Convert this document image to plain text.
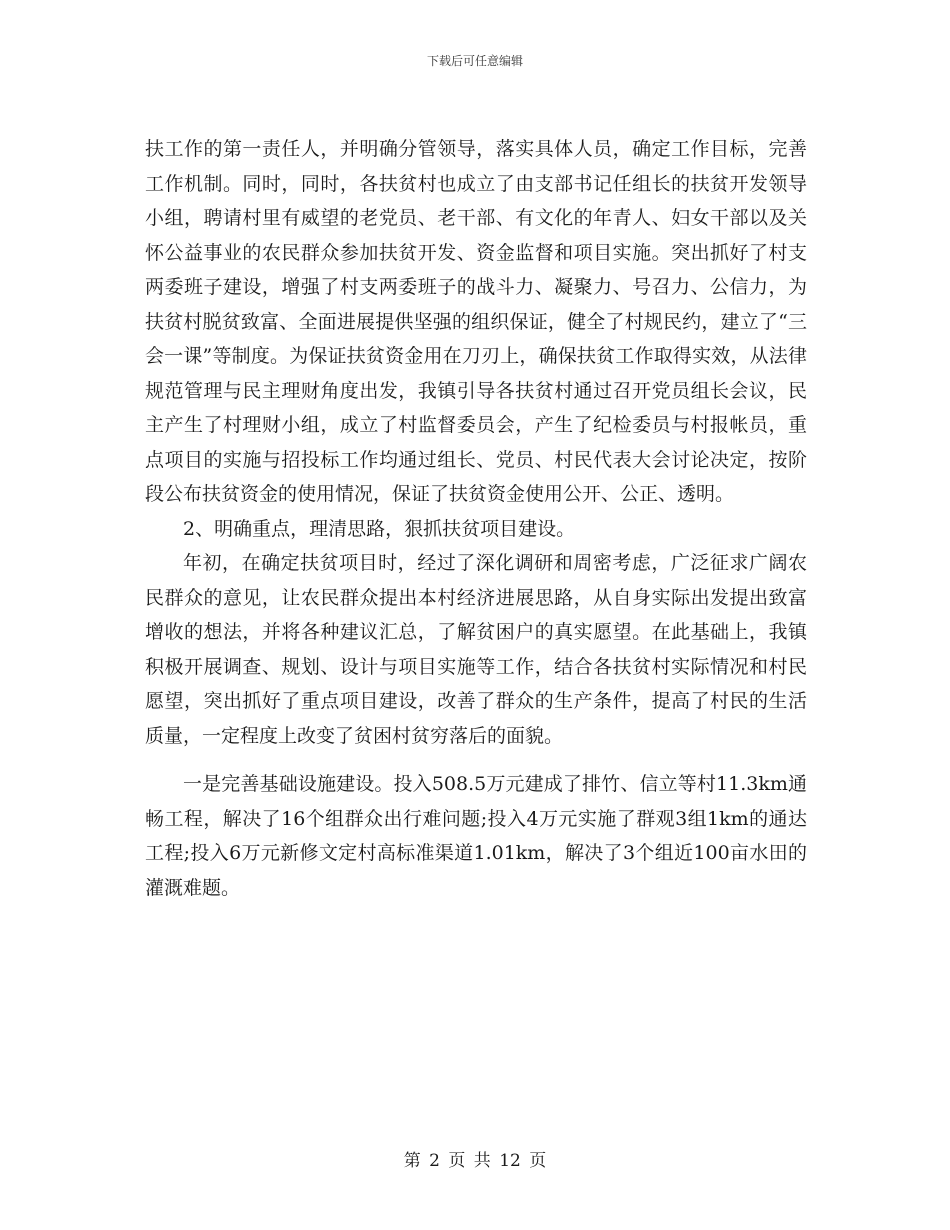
下载后可任意编辑

扶工作的第一责任人，并明确分管领导，落实具体人员，确定工作目标，完善工作机制。同时，同时，各扶贫村也成立了由支部书记任组长的扶贫开发领导小组，聘请村里有威望的老党员、老干部、有文化的年青人、妇女干部以及关怀公益事业的农民群众参加扶贫开发、资金监督和项目实施。突出抓好了村支两委班子建设，增强了村支两委班子的战斗力、凝聚力、号召力、公信力，为扶贫村脱贫致富、全面进展提供坚强的组织保证，健全了村规民约，建立了“三会一课”等制度。为保证扶贫资金用在刀刃上，确保扶贫工作取得实效，从法律规范管理与民主理财角度出发，我镇引导各扶贫村通过召开党员组长会议，民主产生了村理财小组，成立了村监督委员会，产生了纪检委员与村报帐员，重点项目的实施与招投标工作均通过组长、党员、村民代表大会讨论决定，按阶段公布扶贫资金的使用情况，保证了扶贫资金使用公开、公正、透明。

2、明确重点，理清思路，狠抓扶贫项目建设。

年初，在确定扶贫项目时，经过了深化调研和周密考虑，广泛征求广阔农民群众的意见，让农民群众提出本村经济进展思路，从自身实际出发提出致富增收的想法，并将各种建议汇总，了解贫困户的真实愿望。在此基础上，我镇积极开展调查、规划、设计与项目实施等工作，结合各扶贫村实际情况和村民愿望，突出抓好了重点项目建设，改善了群众的生产条件，提高了村民的生活质量，一定程度上改变了贫困村贫穷落后的面貌。

一是完善基础设施建设。投入508.5万元建成了排竹、信立等村11.3km通畅工程，解决了16个组群众出行难问题;投入4万元实施了群观3组1km的通达工程;投入6万元新修文定村高标准渠道1.01km，解决了3个组近100亩水田的灌溉难题。

第 2 页 共 12 页
